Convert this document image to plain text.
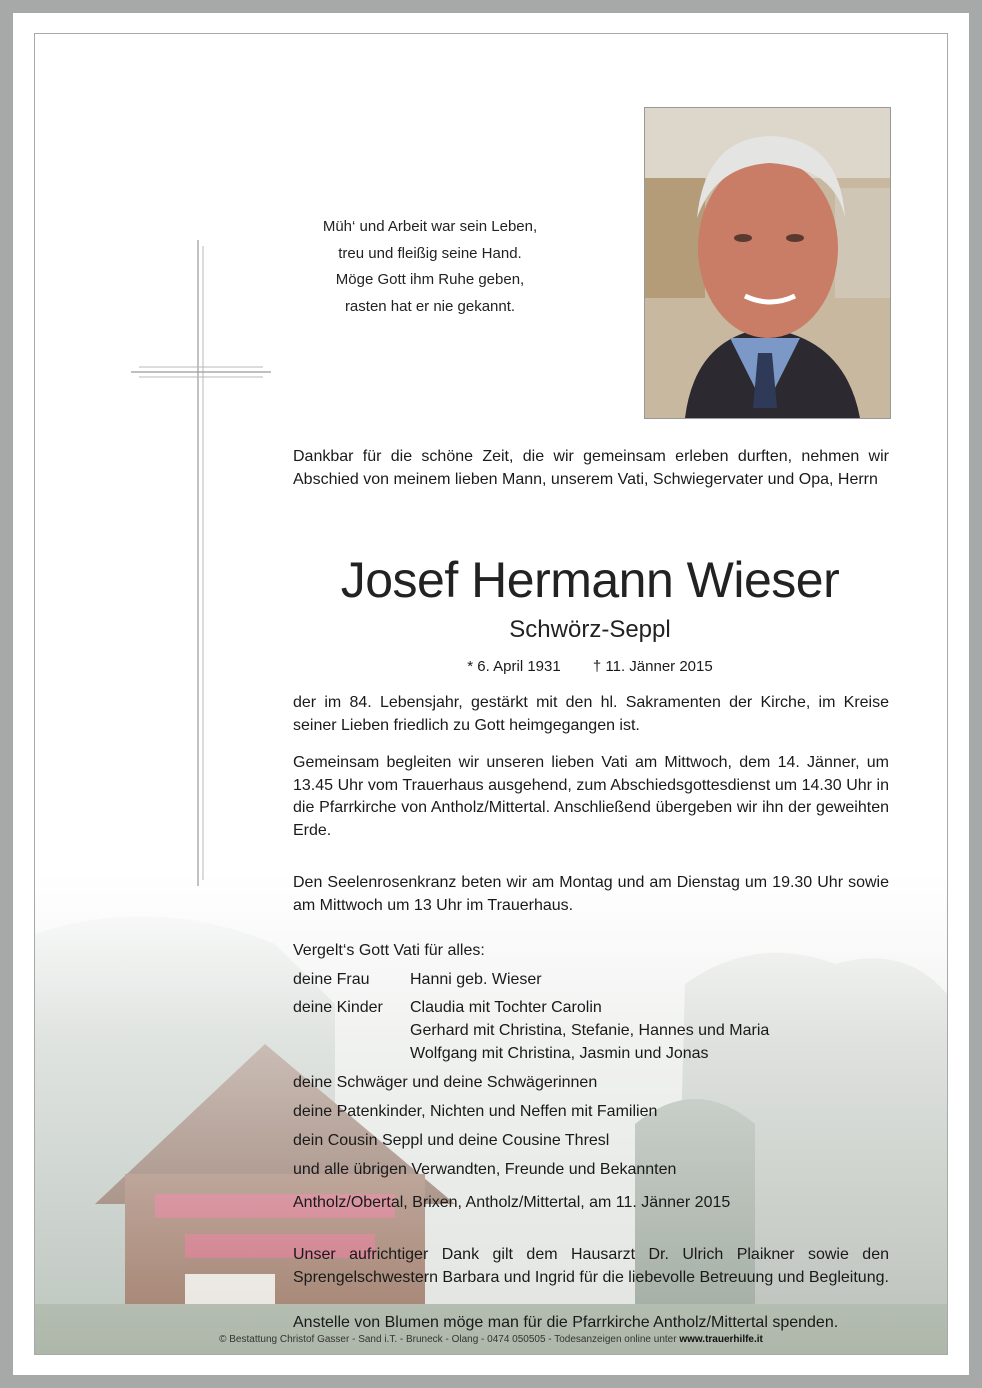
Müh‘ und Arbeit war sein Leben,
treu und fleißig seine Hand.
Möge Gott ihm Ruhe geben,
rasten hat er nie gekannt.
Dankbar für die schöne Zeit, die wir gemeinsam erleben durften, nehmen wir Abschied von meinem lieben Mann, unserem Vati, Schwiegervater und Opa, Herrn
Josef Hermann Wieser
Schwörz-Seppl
* 6. April 1931 † 11. Jänner 2015
der im 84. Lebensjahr, gestärkt mit den hl. Sakramenten der Kirche, im Kreise seiner Lieben friedlich zu Gott heimgegangen ist.
Gemeinsam begleiten wir unseren lieben Vati am Mittwoch, dem 14. Jänner, um 13.45 Uhr vom Trauerhaus ausgehend, zum Abschiedsgottesdienst um 14.30 Uhr in die Pfarrkirche von Antholz/Mittertal. Anschließend übergeben wir ihn der geweihten Erde.
Den Seelenrosenkranz beten wir am Montag und am Dienstag um 19.30 Uhr sowie am Mittwoch um 13 Uhr im Trauerhaus.
Vergelt‘s Gott Vati für alles:
deine Frau	Hanni geb. Wieser
deine Kinder Claudia mit Tochter Carolin
Gerhard mit Christina, Stefanie, Hannes und Maria
Wolfgang mit Christina, Jasmin und Jonas
deine Schwäger und deine Schwägerinnen
deine Patenkinder, Nichten und Neffen mit Familien
dein Cousin Seppl und deine Cousine Thresl
und alle übrigen Verwandten, Freunde und Bekannten
Antholz/Obertal, Brixen, Antholz/Mittertal, am 11. Jänner 2015
Unser aufrichtiger Dank gilt dem Hausarzt Dr. Ulrich Plaikner sowie den Sprengelschwestern Barbara und Ingrid für die liebevolle Betreuung und Begleitung.
Anstelle von Blumen möge man für die Pfarrkirche Antholz/Mittertal spenden.
© Bestattung Christof Gasser - Sand i.T. - Bruneck - Olang - 0474 050505 - Todesanzeigen online unter www.trauerhilfe.it
